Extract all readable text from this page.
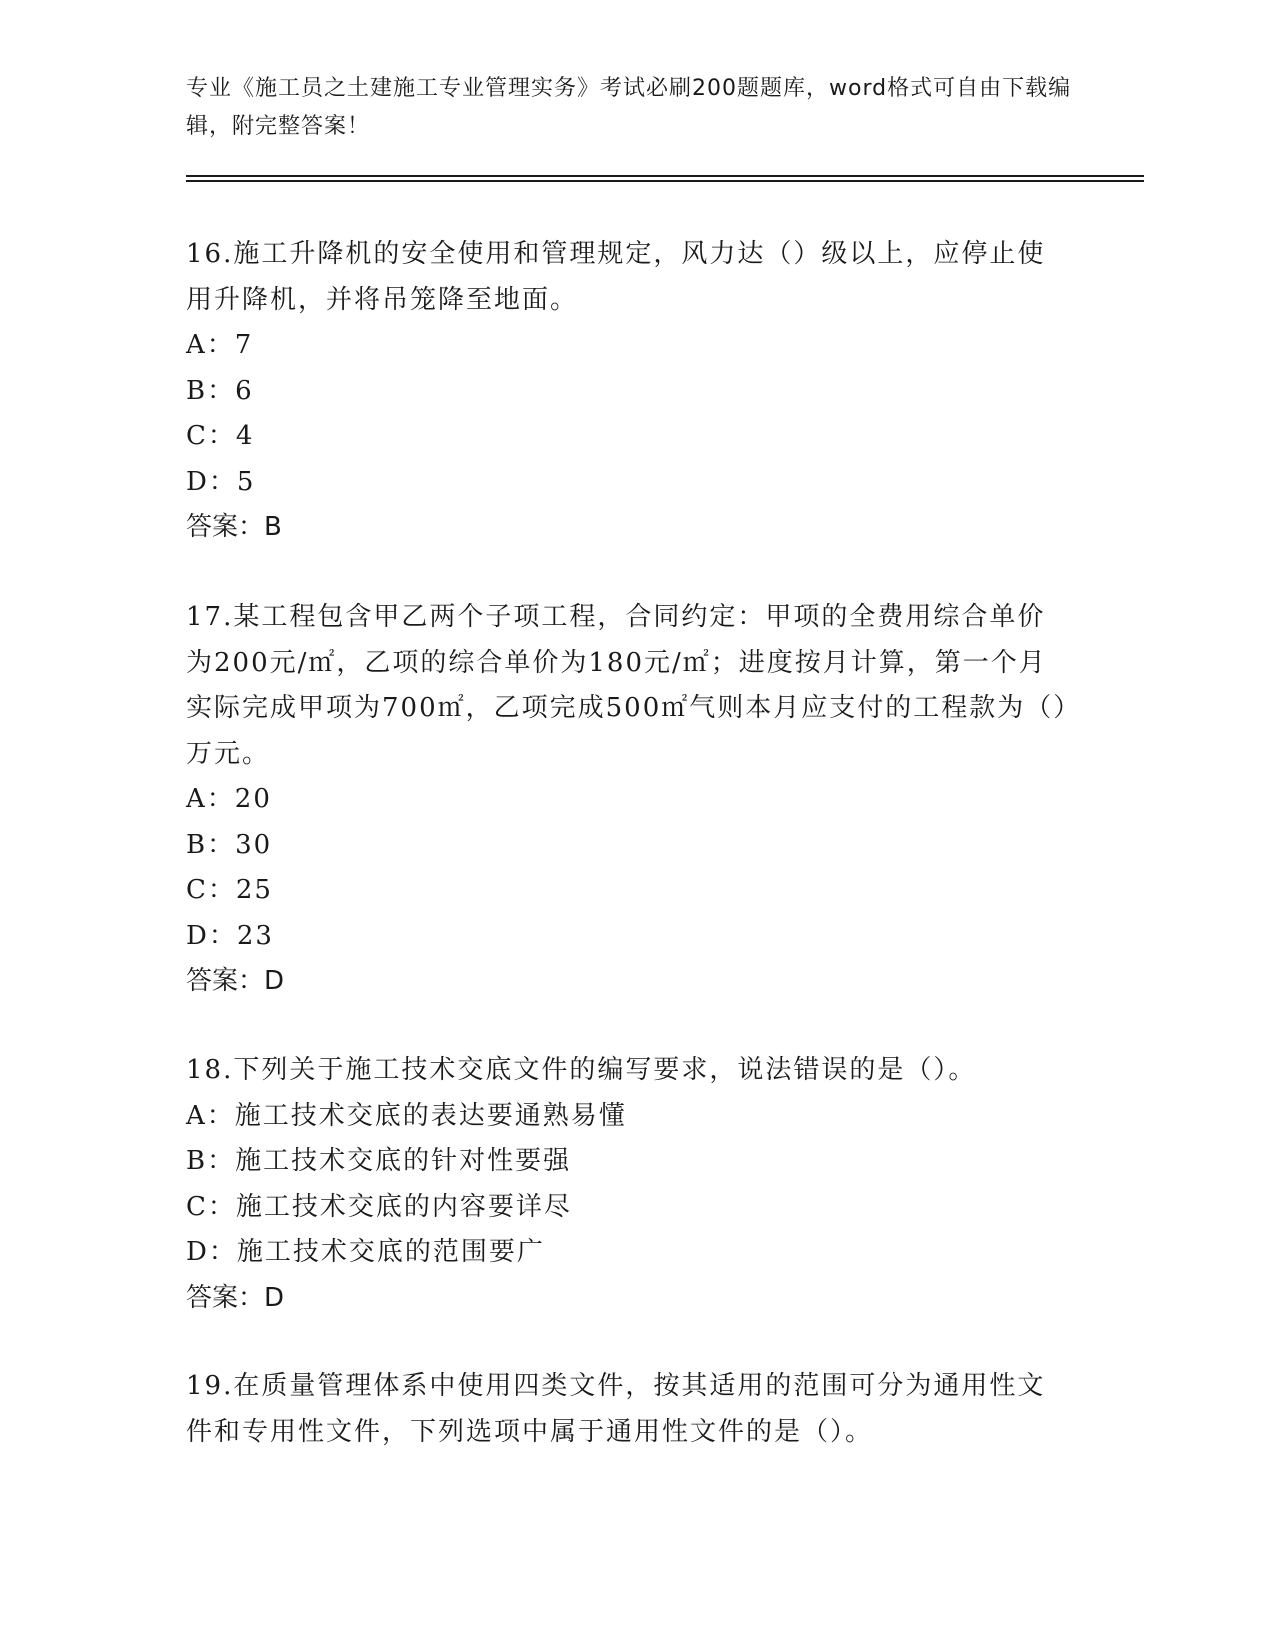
专业《施工员之土建施工专业管理实务》考试必刷200题题库，word格式可自由下载编辑，附完整答案！

16.施工升降机的安全使用和管理规定，风力达（）级以上，应停止使用升降机，并将吊笼降至地面。

A：7

B：6

C：4

D：5

答案：B

17.某工程包含甲乙两个子项工程，合同约定：甲项的全费用综合单价为200元/㎡，乙项的综合单价为180元/㎡；进度按月计算，第一个月实际完成甲项为700㎡，乙项完成500㎡气则本月应支付的工程款为（）万元。

A：20

B：30

C：25

D：23

答案：D

18.下列关于施工技术交底文件的编写要求，说法错误的是（）。

A：施工技术交底的表达要通熟易懂

B：施工技术交底的针对性要强

C：施工技术交底的内容要详尽

D：施工技术交底的范围要广

答案：D

19.在质量管理体系中使用四类文件，按其适用的范围可分为通用性文件和专用性文件，下列选项中属于通用性文件的是（）。
